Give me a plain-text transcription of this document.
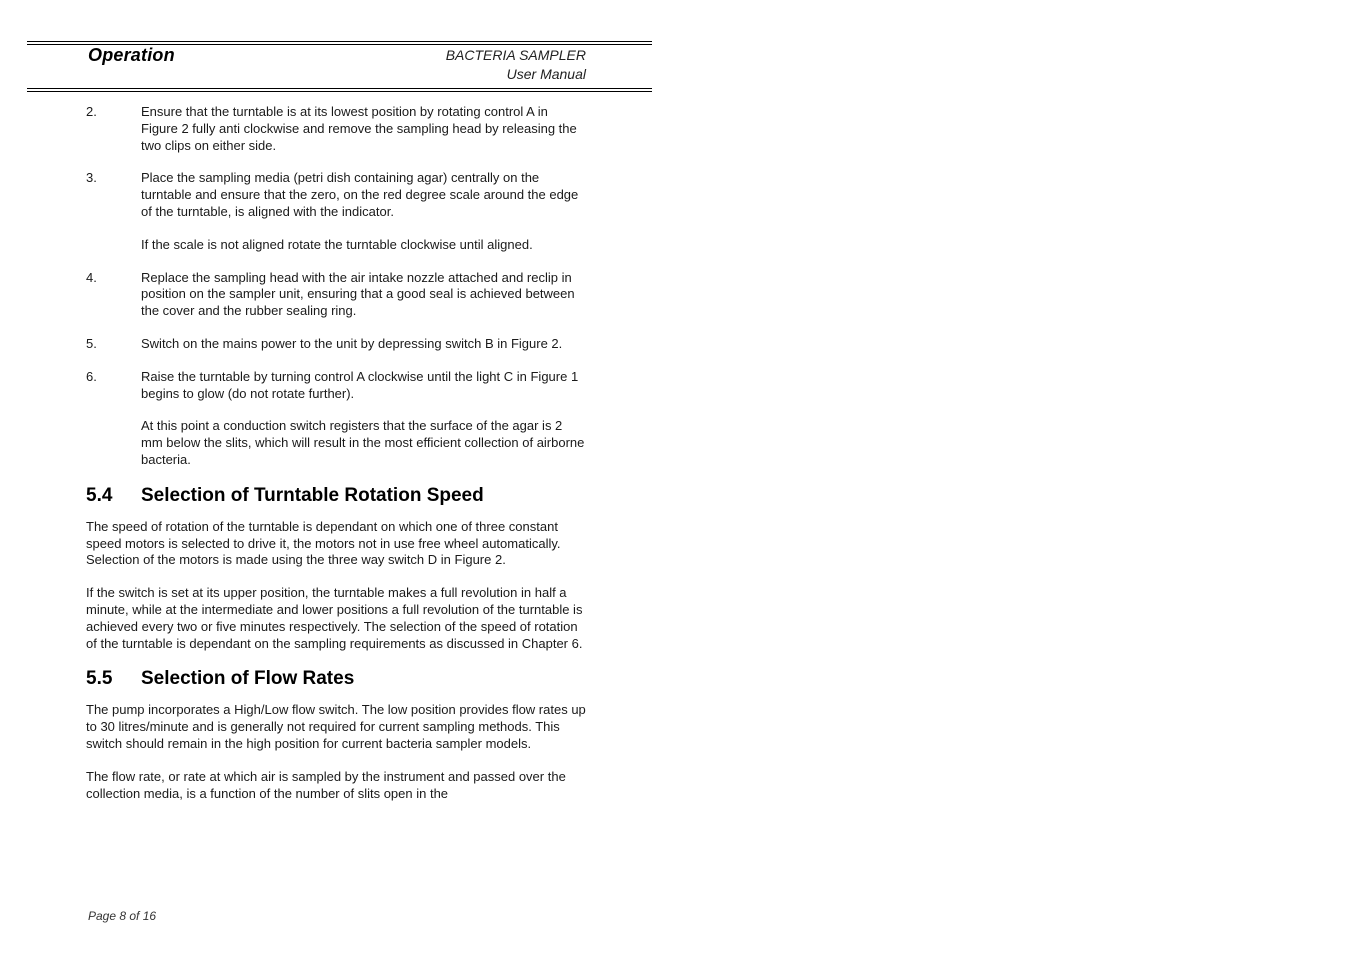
Operation	BACTERIA SAMPLER
User Manual
2.	Ensure that the turntable is at its lowest position by rotating control A in Figure 2 fully anti clockwise and remove the sampling head by releasing the two clips on either side.

3.	Place the sampling media (petri dish containing agar) centrally on the turntable and ensure that the zero, on the red degree scale around the edge of the turntable, is aligned with the indicator.

If the scale is not aligned rotate the turntable clockwise until aligned.

4.	Replace the sampling head with the air intake nozzle attached and reclip in position on the sampler unit, ensuring that a good seal is achieved between the cover and the rubber sealing ring.

5.	Switch on the mains power to the unit by depressing switch B in Figure 2.

6.	Raise the turntable by turning control A clockwise until the light C in Figure 1 begins to glow (do not rotate further).

At this point a conduction switch registers that the surface of the agar is 2 mm below the slits, which will result in the most efficient collection of airborne bacteria.

5.4	Selection of Turntable Rotation Speed

The speed of rotation of the turntable is dependant on which one of three constant speed motors is selected to drive it, the motors not in use free wheel automatically. Selection of the motors is made using the three way switch D in Figure 2.

If the switch is set at its upper position, the turntable makes a full revolution in half a minute, while at the intermediate and lower positions a full revolution of the turntable is achieved every two or five minutes respectively. The selection of the speed of rotation of the turntable is dependant on the sampling requirements as discussed in Chapter 6.

5.5	Selection of Flow Rates

The pump incorporates a High/Low flow switch. The low position provides flow rates up to 30 litres/minute and is generally not required for current sampling methods. This switch should remain in the high position for current bacteria sampler models.

The flow rate, or rate at which air is sampled by the instrument and passed over the collection media, is a function of the number of slits open in the

Page 8 of 16
